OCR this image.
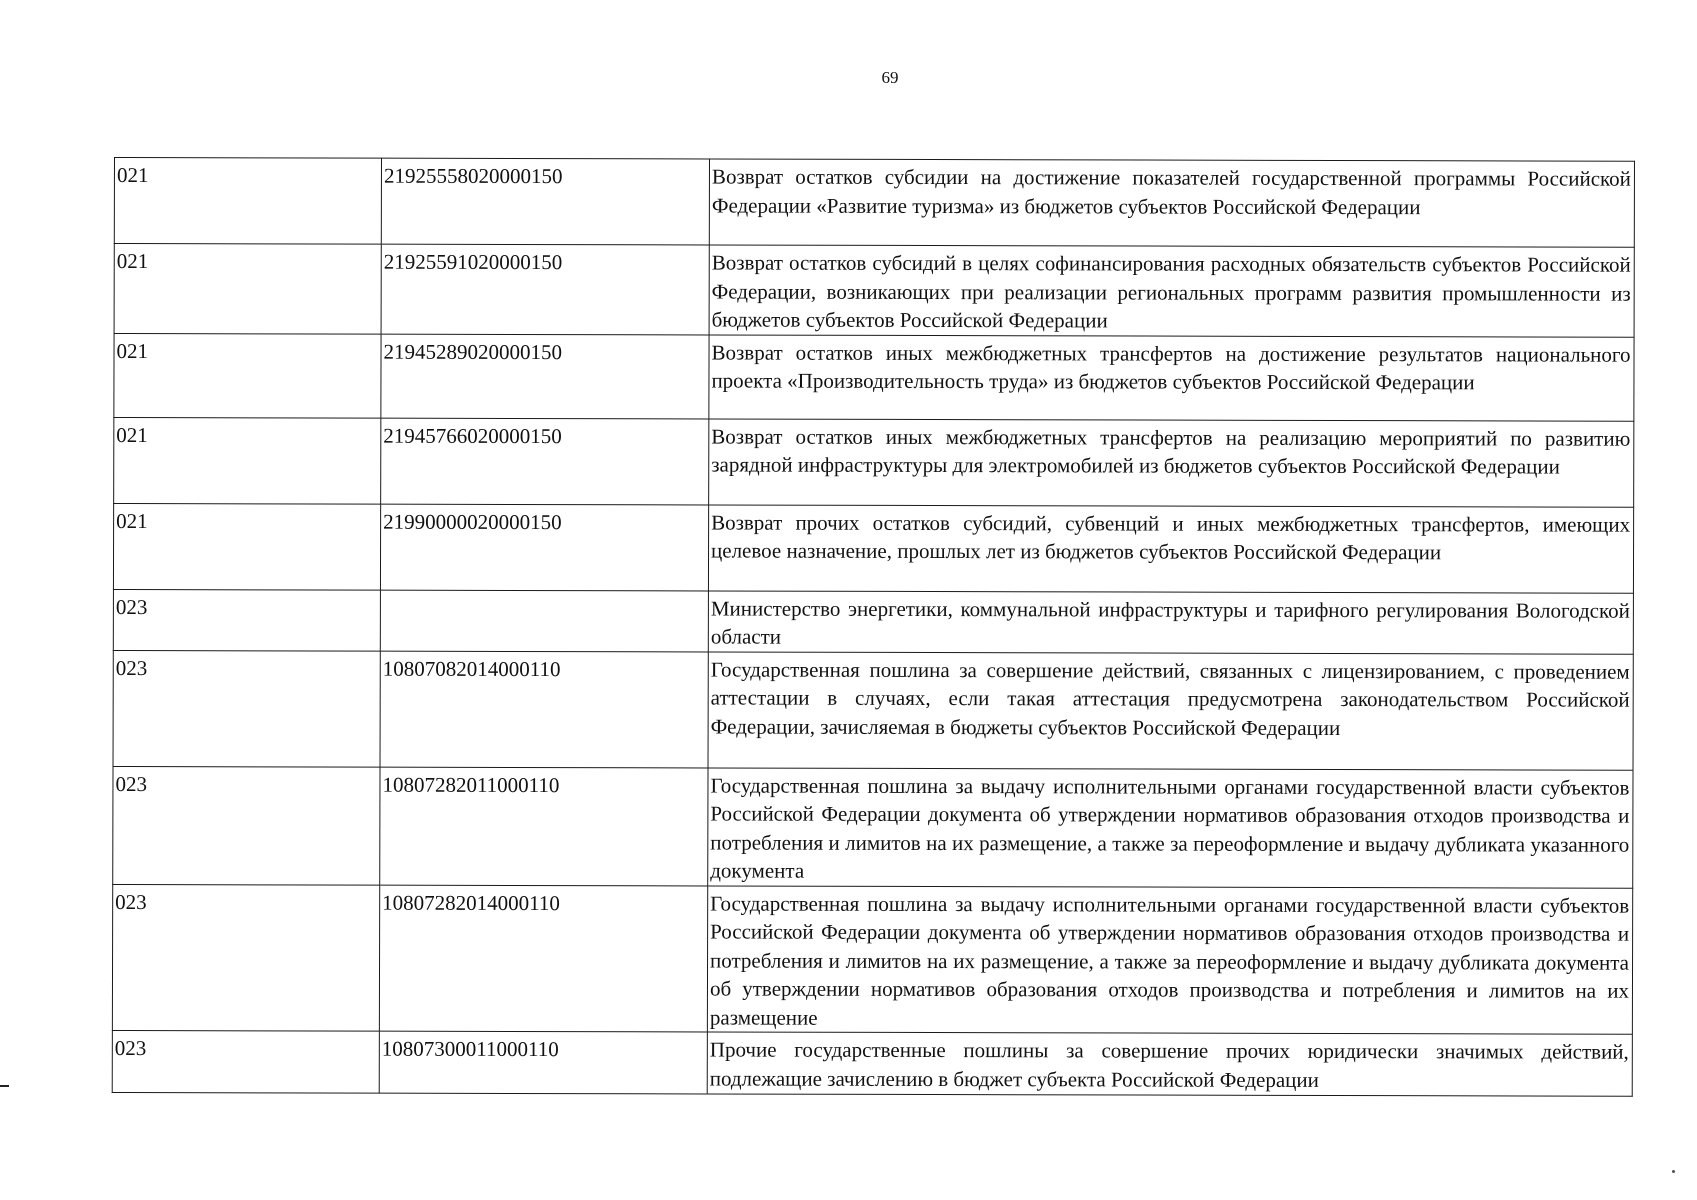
69
021	21925558020000150	Возврат остатков субсидии на достижение показателей государственной программы Российской Федерации «Развитие туризма» из бюджетов субъектов Российской Федерации
021	21925591020000150	Возврат остатков субсидий в целях софинансирования расходных обязательств субъектов Российской Федерации, возникающих при реализации региональных программ развития промышленности из бюджетов субъектов Российской Федерации
021	21945289020000150	Возврат остатков иных межбюджетных трансфертов на достижение результатов национального проекта «Производительность труда» из бюджетов субъектов Российской Федерации
021	21945766020000150	Возврат остатков иных межбюджетных трансфертов на реализацию мероприятий по развитию зарядной инфраструктуры для электромобилей из бюджетов субъектов Российской Федерации
021	21990000020000150	Возврат прочих остатков субсидий, субвенций и иных межбюджетных трансфертов, имеющих целевое назначение, прошлых лет из бюджетов субъектов Российской Федерации
023		Министерство энергетики, коммунальной инфраструктуры и тарифного регулирования Вологодской области
023	10807082014000110	Государственная пошлина за совершение действий, связанных с лицензированием, с проведением аттестации в случаях, если такая аттестация предусмотрена законодательством Российской Федерации, зачисляемая в бюджеты субъектов Российской Федерации
023	10807282011000110	Государственная пошлина за выдачу исполнительными органами государственной власти субъектов Российской Федерации документа об утверждении нормативов образования отходов производства и потребления и лимитов на их размещение, а также за переоформление и выдачу дубликата указанного документа
023	10807282014000110	Государственная пошлина за выдачу исполнительными органами государственной власти субъектов Российской Федерации документа об утверждении нормативов образования отходов производства и потребления и лимитов на их размещение, а также за переоформление и выдачу дубликата документа об утверждении нормативов образования отходов производства и потребления и лимитов на их размещение
023	10807300011000110	Прочие государственные пошлины за совершение прочих юридически значимых действий, подлежащие зачислению в бюджет субъекта Российской Федерации
